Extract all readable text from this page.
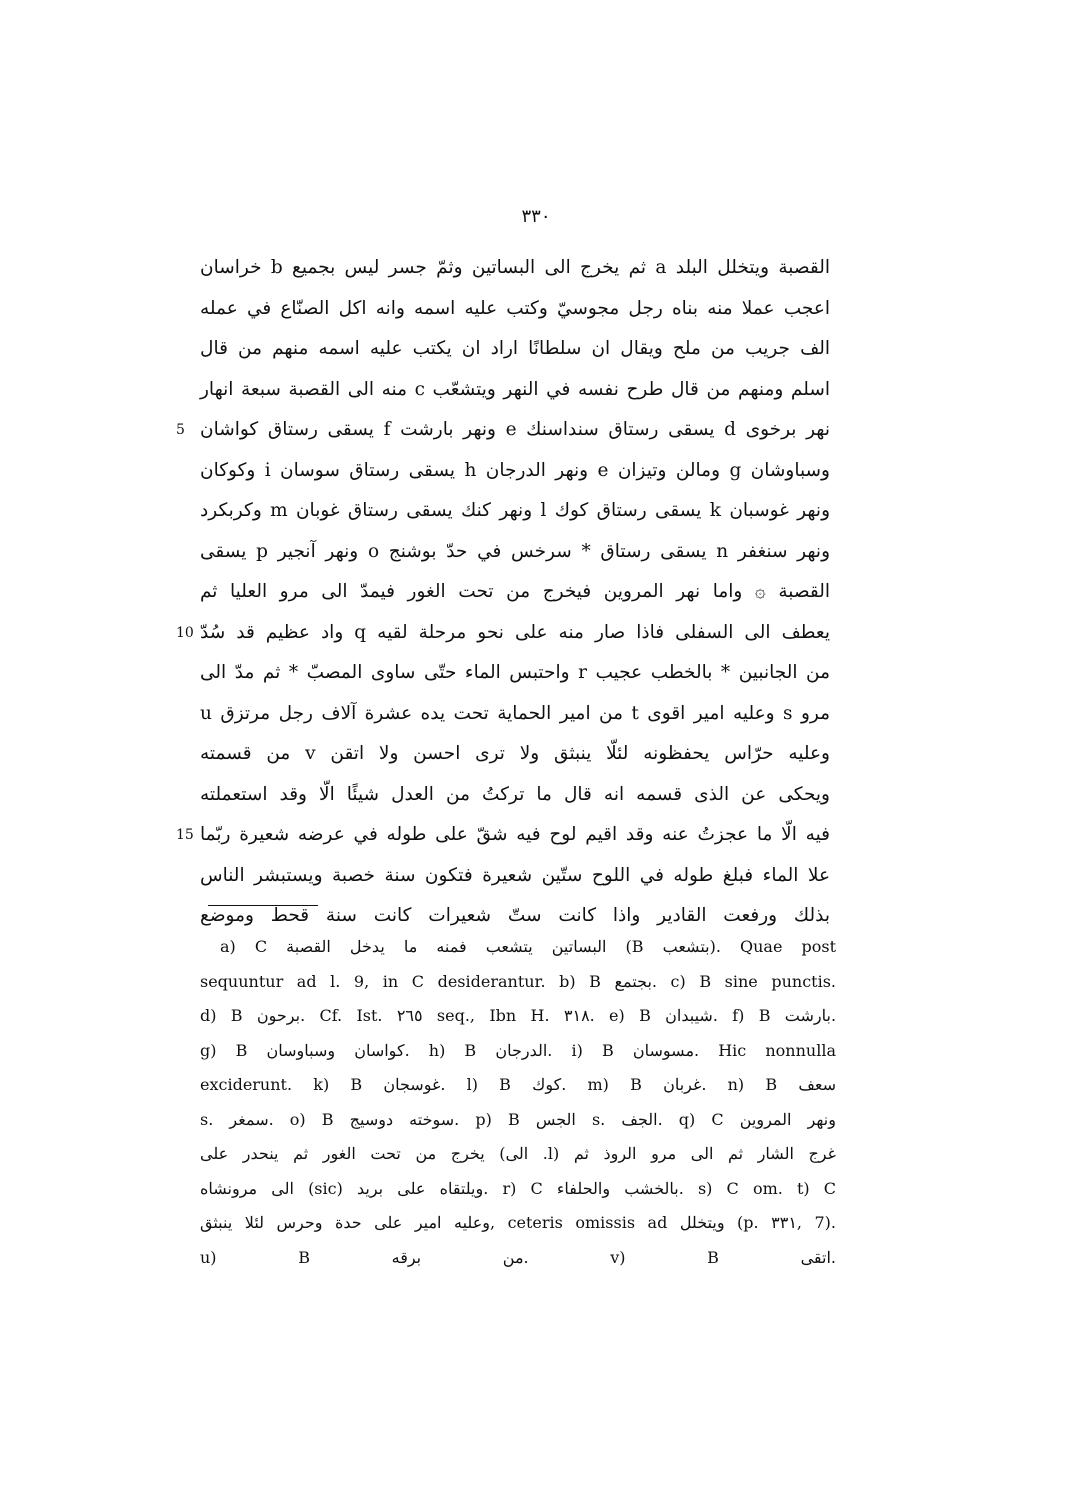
۳۳۰
القصبة ويتخلل البلد a ثم يخرج الى البساتين وثمّ جسر ليس بجميع b خراسان
اعجب عملا منه بناه رجل مجوسيّ وكتب عليه اسمه وانه اكل الصنّاع في عمله
الف جريب من ملح ويقال ان سلطانًا اراد ان يكتب عليه اسمه منهم من قال
اسلم ومنهم من قال طرح نفسه في النهر ويتشعّب c منه الى القصبة سبعة انهار
نهر برخوى d يسقى رستاق سنداسنك e ونهر بارشت f يسقى رستاق كواشان
5
وسباوشان g ومالن وتيزان e ونهر الدرجان h يسقى رستاق سوسان i وكوكان
ونهر غوسبان k يسقى رستاق كوك l ونهر كنك يسقى رستاق غوبان m وكربكرد
ونهر سنغفر n يسقى رستاق * سرخس في حدّ بوشنج o ونهر آنجير p يسقى
القصبة ۞ واما نهر المروين فيخرج من تحت الغور فيمدّ الى مرو العليا ثم
يعطف الى السفلى فاذا صار منه على نحو مرحلة لقيه q واد عظيم قد سُدّ
10
من الجانبين * بالخطب عجيب r واحتبس الماء حتّى ساوى المصبّ * ثم مدّ الى
مرو s وعليه امير اقوى t من امير الحماية تحت يده عشرة آلاف رجل مرتزق u
وعليه حرّاس يحفظونه لئلّا ينبثق ولا ترى احسن ولا اتقن v من قسمته
ويحكى عن الذى قسمه انه قال ما تركتُ من العدل شيئًا الّا وقد استعملته
فيه الّا ما عجزتُ عنه وقد اقيم لوح فيه شقّ على طوله في عرضه شعيرة ربّما
15
علا الماء فبلغ طوله في اللوح ستّين شعيرة فتكون سنة خصبة ويستبشر الناس
بذلك ورفعت القادير واذا كانت ستّ شعيرات كانت سنة قحط وموضع
a) C البساتين يتشعب فمنه ما يدخل القصبة (B بتشعب). Quae post
sequuntur ad l. 9, in C desiderantur. b) B بجتمع. c) B sine punctis.
d) B برحون. Cf. Ist. ۲٦٥ seq., Ibn H. ۳١٨. e) B شيبدان. f) B بارشت.
g) B كواسان وسباوسان. h) B الدرجان. i) B مسوسان. Hic nonnulla
exciderunt. k) B غوسجان. l) B كوك. m) B غربان. n) B سعف
s. سمغر. o) B سوخته دوسيج. p) B الجس s. الجف. q) C ونهر المروين
يخرج من تحت الغور ثم ينحدر على (الى .l) غرج الشار ثم الى مرو الروذ ثم
الى مرونشاه (sic) ويلتقاه على بريد. r) C بالخشب والحلفاء. s) C om. t) C
وعليه امير على حدة وحرس لئلا ينبثق, ceteris omissis ad ويتخلل (p. ۳۳١, 7).
u) B من برقه. v) B اتقى.
